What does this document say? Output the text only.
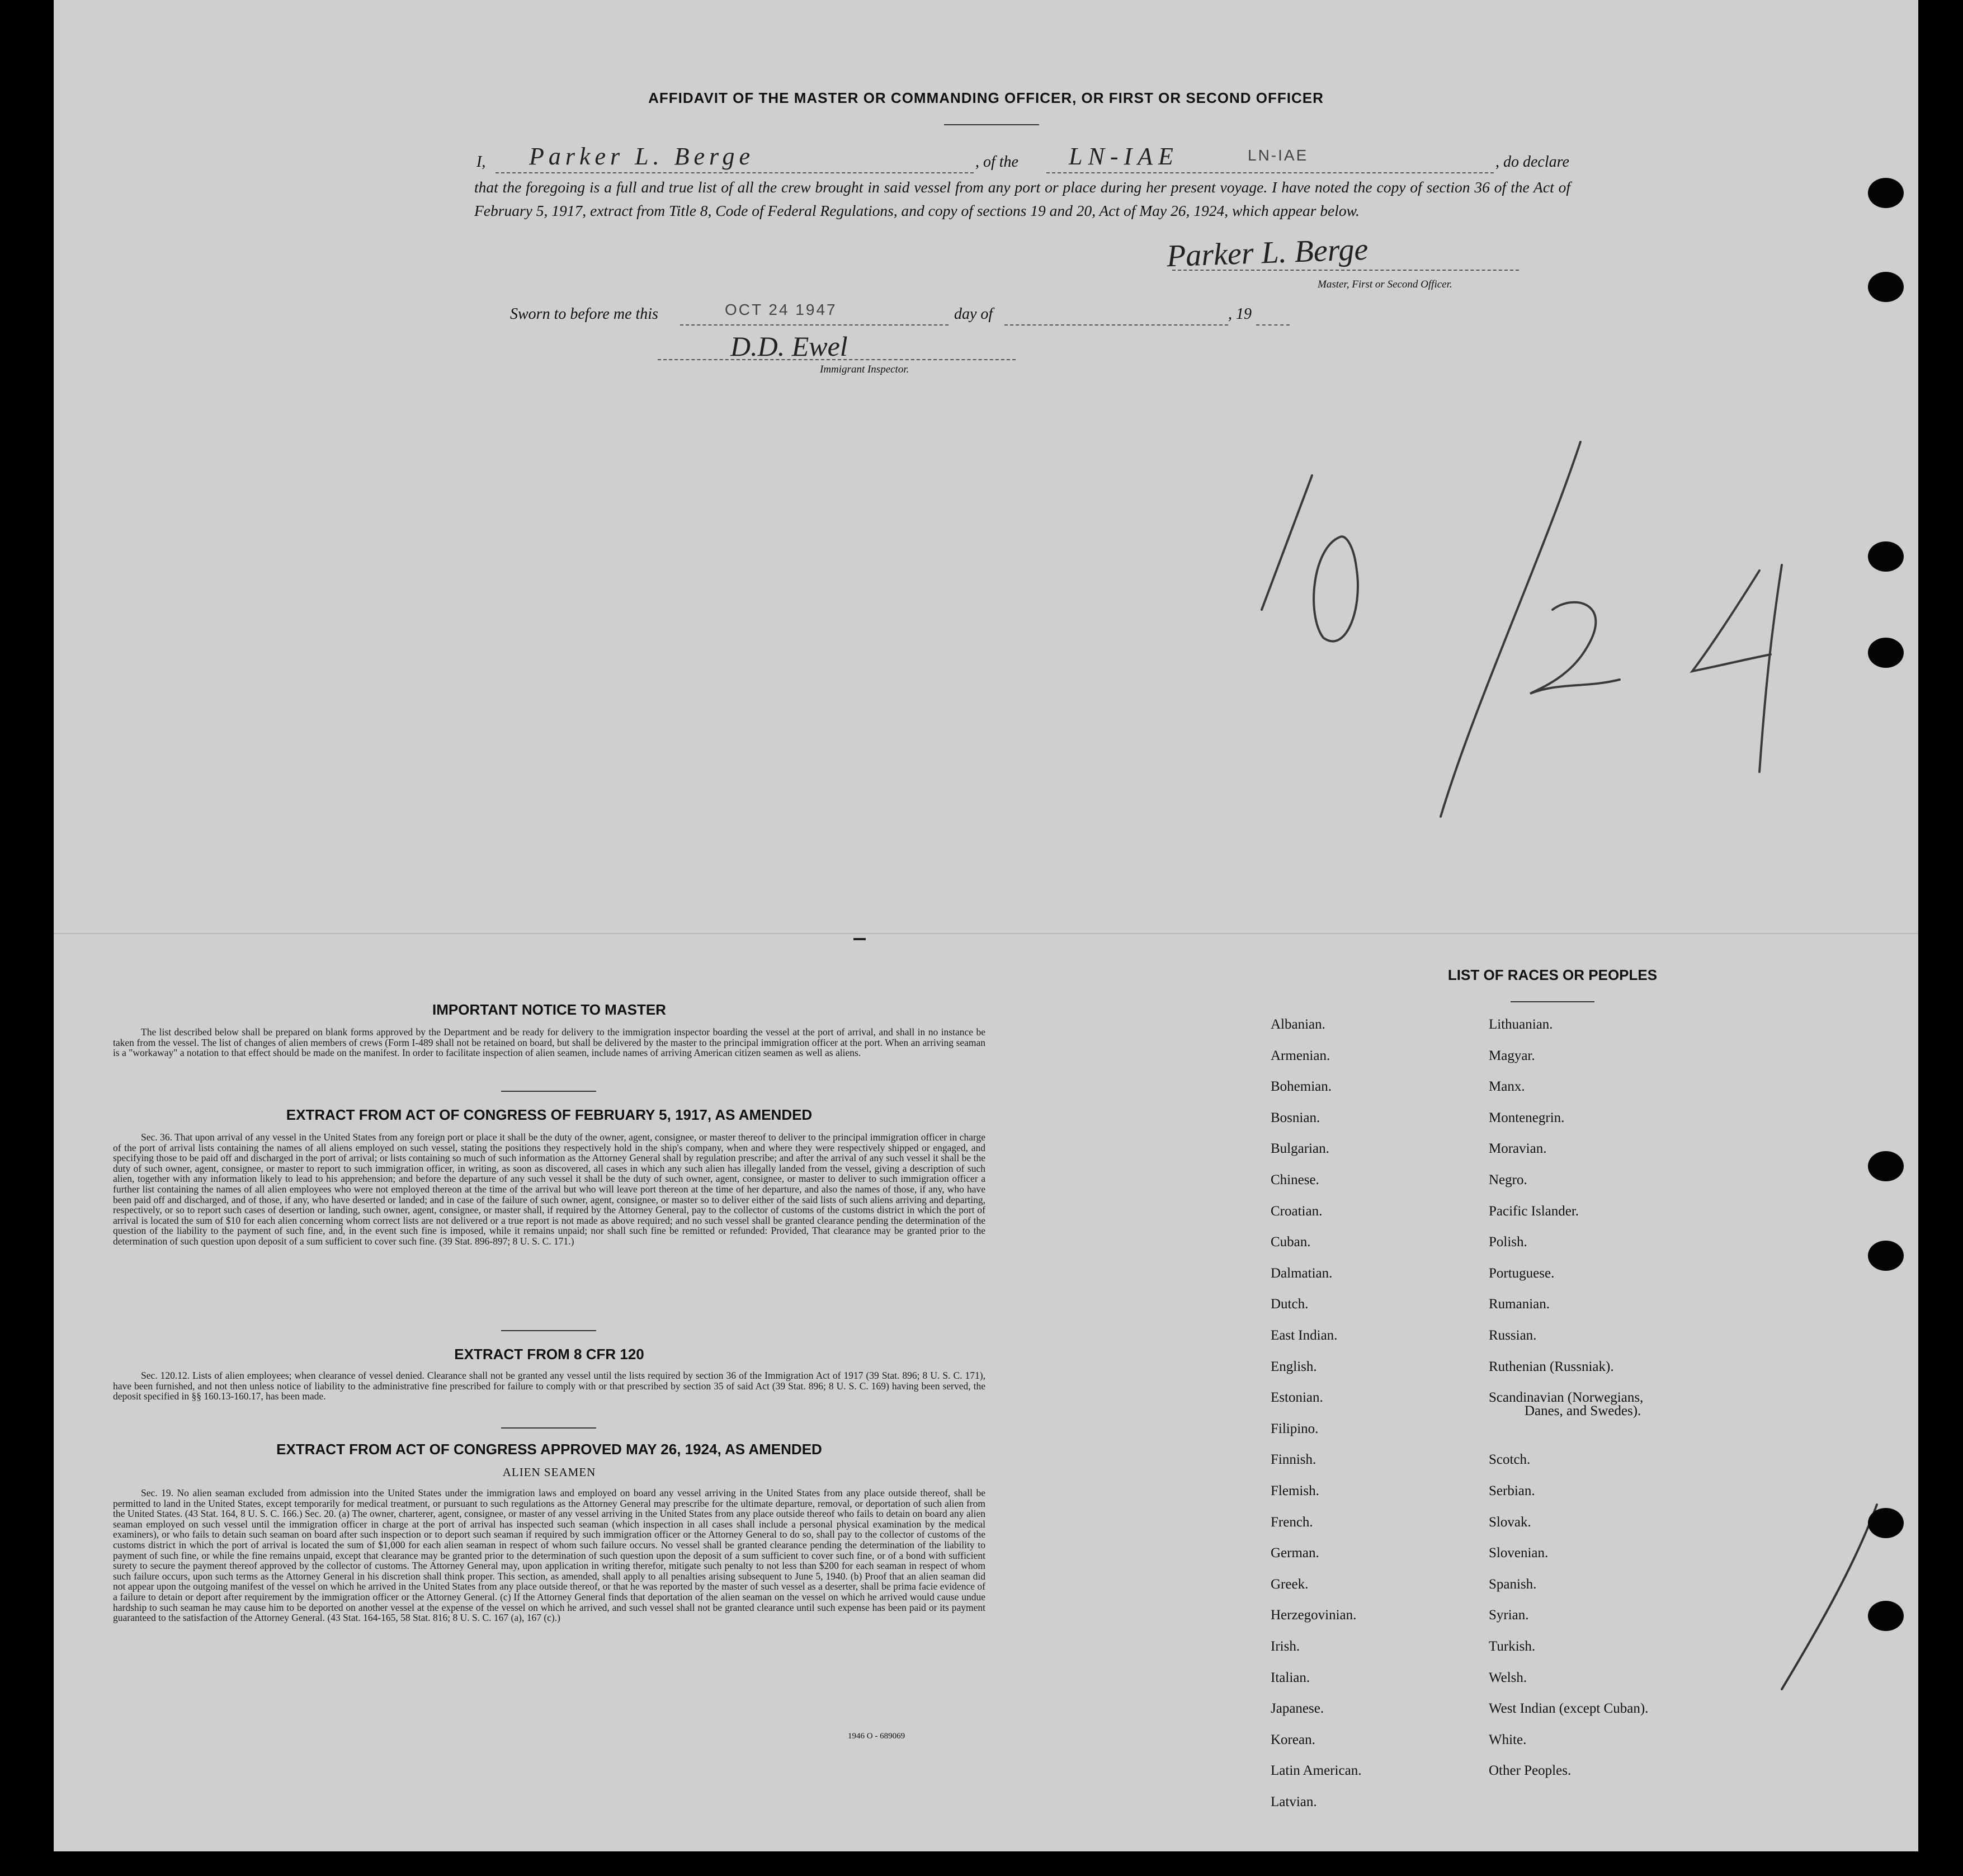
AFFIDAVIT OF THE MASTER OR COMMANDING OFFICER, OR FIRST OR SECOND OFFICER
I, Parker L. Berge	, of the LN-IAE	LN-IAE	, do declare
that the foregoing is a full and true list of all the crew brought in said vessel from any port or place during her present voyage. I have noted the copy of section 36 of the Act of February 5, 1917, extract from Title 8, Code of Federal Regulations, and copy of sections 19 and 20, Act of May 26, 1924, which appear below.
Parker L. Berge
Master, First or Second Officer.
Sworn to before me this	OCT 24 1947	day of	, 19
D.D. Ewel
Immigrant Inspector.
IMPORTANT NOTICE TO MASTER
The list described below shall be prepared on blank forms approved by the Department and be ready for delivery to the immigration inspector boarding the vessel at the port of arrival, and shall in no instance be taken from the vessel. The list of changes of alien members of crews (Form I-489 shall not be retained on board, but shall be delivered by the master to the principal immigration officer at the port. When an arriving seaman is a "workaway" a notation to that effect should be made on the manifest. In order to facilitate inspection of alien seamen, include names of arriving American citizen seamen as well as aliens.
EXTRACT FROM ACT OF CONGRESS OF FEBRUARY 5, 1917, AS AMENDED
Sec. 36. That upon arrival of any vessel in the United States from any foreign port or place it shall be the duty of the owner, agent, consignee, or master thereof to deliver to the principal immigration officer in charge of the port of arrival lists containing the names of all aliens employed on such vessel, stating the positions they respectively hold in the ship's company, when and where they were respectively shipped or engaged, and specifying those to be paid off and discharged in the port of arrival; or lists containing so much of such information as the Attorney General shall by regulation prescribe; and after the arrival of any such vessel it shall be the duty of such owner, agent, consignee, or master to report to such immigration officer, in writing, as soon as discovered, all cases in which any such alien has illegally landed from the vessel, giving a description of such alien, together with any information likely to lead to his apprehension; and before the departure of any such vessel it shall be the duty of such owner, agent, consignee, or master to deliver to such immigration officer a further list containing the names of all alien employees who were not employed thereon at the time of the arrival but who will leave port thereon at the time of her departure, and also the names of those, if any, who have been paid off and discharged, and of those, if any, who have deserted or landed; and in case of the failure of such owner, agent, consignee, or master so to deliver either of the said lists of such aliens arriving and departing, respectively, or so to report such cases of desertion or landing, such owner, agent, consignee, or master shall, if required by the Attorney General, pay to the collector of customs of the customs district in which the port of arrival is located the sum of $10 for each alien concerning whom correct lists are not delivered or a true report is not made as above required; and no such vessel shall be granted clearance pending the determination of the question of the liability to the payment of such fine, and, in the event such fine is imposed, while it remains unpaid; nor shall such fine be remitted or refunded: Provided, That clearance may be granted prior to the determination of such question upon deposit of a sum sufficient to cover such fine. (39 Stat. 896-897; 8 U. S. C. 171.)
EXTRACT FROM 8 CFR 120
Sec. 120.12. Lists of alien employees; when clearance of vessel denied. Clearance shall not be granted any vessel until the lists required by section 36 of the Immigration Act of 1917 (39 Stat. 896; 8 U. S. C. 171), have been furnished, and not then unless notice of liability to the administrative fine prescribed for failure to comply with or that prescribed by section 35 of said Act (39 Stat. 896; 8 U. S. C. 169) having been served, the deposit specified in §§ 160.13-160.17, has been made.
EXTRACT FROM ACT OF CONGRESS APPROVED MAY 26, 1924, AS AMENDED
ALIEN SEAMEN
Sec. 19. No alien seaman excluded from admission into the United States under the immigration laws and employed on board any vessel arriving in the United States from any place outside thereof, shall be permitted to land in the United States, except temporarily for medical treatment, or pursuant to such regulations as the Attorney General may prescribe for the ultimate departure, removal, or deportation of such alien from the United States. (43 Stat. 164, 8 U. S. C. 166.) Sec. 20. (a) The owner, charterer, agent, consignee, or master of any vessel arriving in the United States from any place outside thereof who fails to detain on board any alien seaman employed on such vessel until the immigration officer in charge at the port of arrival has inspected such seaman (which inspection in all cases shall include a personal physical examination by the medical examiners), or who fails to detain such seaman on board after such inspection or to deport such seaman if required by such immigration officer or the Attorney General to do so, shall pay to the collector of customs of the customs district in which the port of arrival is located the sum of $1,000 for each alien seaman in respect of whom such failure occurs. No vessel shall be granted clearance pending the determination of the liability to payment of such fine, or while the fine remains unpaid, except that clearance may be granted prior to the determination of such question upon the deposit of a sum sufficient to cover such fine, or of a bond with sufficient surety to secure the payment thereof approved by the collector of customs. The Attorney General may, upon application in writing therefor, mitigate such penalty to not less than $200 for each seaman in respect of whom such failure occurs, upon such terms as the Attorney General in his discretion shall think proper. This section, as amended, shall apply to all penalties arising subsequent to June 5, 1940. (b) Proof that an alien seaman did not appear upon the outgoing manifest of the vessel on which he arrived in the United States from any place outside thereof, or that he was reported by the master of such vessel as a deserter, shall be prima facie evidence of a failure to detain or deport after requirement by the immigration officer or the Attorney General. (c) If the Attorney General finds that deportation of the alien seaman on the vessel on which he arrived would cause undue hardship to such seaman he may cause him to be deported on another vessel at the expense of the vessel on which he arrived, and such vessel shall not be granted clearance until such expense has been paid or its payment guaranteed to the satisfaction of the Attorney General. (43 Stat. 164-165, 58 Stat. 816; 8 U. S. C. 167 (a), 167 (c).)
1946 O - 689069
LIST OF RACES OR PEOPLES
Albanian.
Armenian.
Bohemian.
Bosnian.
Bulgarian.
Chinese.
Croatian.
Cuban.
Dalmatian.
Dutch.
East Indian.
English.
Estonian.
Filipino.
Finnish.
Flemish.
French.
German.
Greek.
Herzegovinian.
Irish.
Italian.
Japanese.
Korean.
Latin American.
Latvian.
Lithuanian.
Magyar.
Manx.
Montenegrin.
Moravian.
Negro.
Pacific Islander.
Polish.
Portuguese.
Rumanian.
Russian.
Ruthenian (Russniak).
Scandinavian (Norwegians,
Danes, and Swedes).
Scotch.
Serbian.
Slovak.
Slovenian.
Spanish.
Syrian.
Turkish.
Welsh.
West Indian (except Cuban).
White.
Other Peoples.
